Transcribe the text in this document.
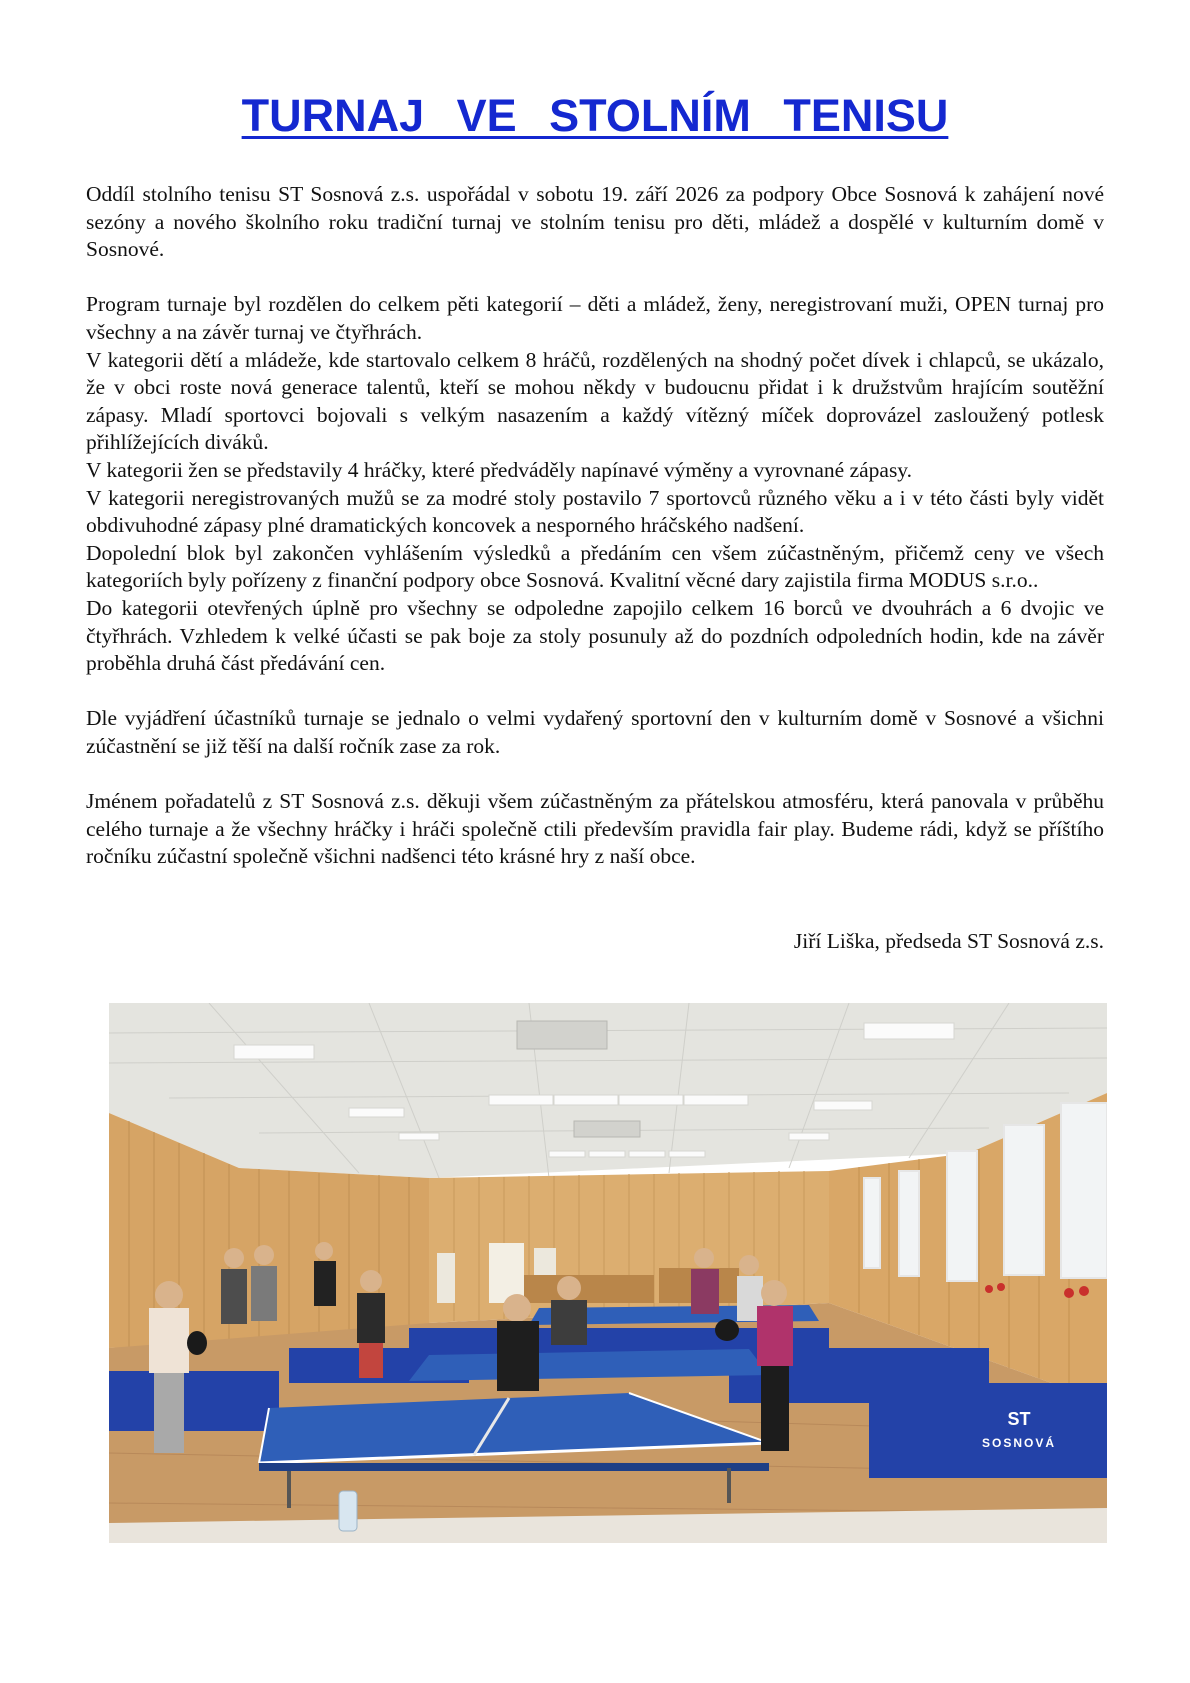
TURNAJ VE STOLNÍM TENISU

Oddíl stolního tenisu ST Sosnová z.s. uspořádal v sobotu 19. září 2026 za podpory Obce Sosnová k zahájení nové sezóny a nového školního roku tradiční turnaj ve stolním tenisu pro děti, mládež a dospělé v kulturním domě v Sosnové.

Program turnaje byl rozdělen do celkem pěti kategorií – děti a mládež, ženy, neregistrovaní muži, OPEN turnaj pro všechny a na závěr turnaj ve čtyřhrách.

V kategorii dětí a mládeže, kde startovalo celkem 8 hráčů, rozdělených na shodný počet dívek i chlapců, se ukázalo, že v obci roste nová generace talentů, kteří se mohou někdy v budoucnu přidat i k družstvům hrajícím soutěžní zápasy. Mladí sportovci bojovali s velkým nasazením a každý vítězný míček doprovázel zasloužený potlesk přihlížejících diváků.

V kategorii žen se představily 4 hráčky, které předváděly napínavé výměny a vyrovnané zápasy.

V kategorii neregistrovaných mužů se za modré stoly postavilo 7 sportovců různého věku a i v této části byly vidět obdivuhodné zápasy plné dramatických koncovek a nesporného hráčského nadšení.

Dopolední blok byl zakončen vyhlášením výsledků a předáním cen všem zúčastněným, přičemž ceny ve všech kategoriích byly pořízeny z finanční podpory obce Sosnová. Kvalitní věcné dary zajistila firma MODUS s.r.o..

Do kategorii otevřených úplně pro všechny se odpoledne zapojilo celkem 16 borců ve dvouhrách a 6 dvojic ve čtyřhrách. Vzhledem k velké účasti se pak boje za stoly posunuly až do pozdních odpoledních hodin, kde na závěr proběhla druhá část předávání cen.

Dle vyjádření účastníků turnaje se jednalo o velmi vydařený sportovní den v kulturním domě v Sosnové a všichni zúčastnění se již těší na další ročník zase za rok.

Jménem pořadatelů z ST Sosnová z.s. děkuji všem zúčastněným za přátelskou atmosféru, která panovala v průběhu celého turnaje a že všechny hráčky i hráči společně ctili především pravidla fair play. Budeme rádi, když se příštího ročníku zúčastní společně všichni nadšenci této krásné hry z naší obce.

Jiří Liška, předseda ST Sosnová z.s.
ST
SOSNOVÁ
